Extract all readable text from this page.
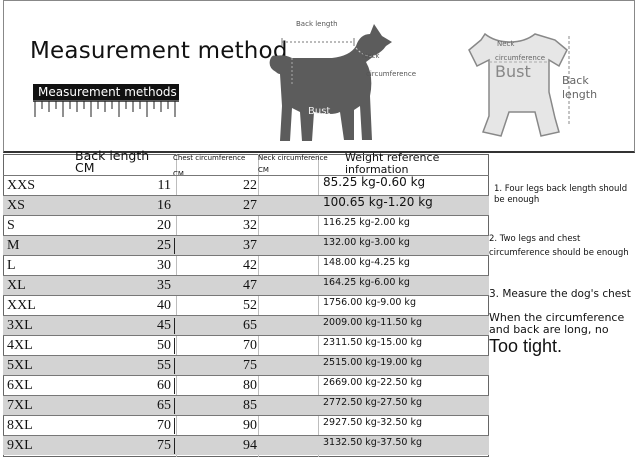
Measurement method
Measurement methods
Back length
Neck
circumference
Bust
Neck
circumference
Bust	Back
length
Back length CM
Chest circumference CM
Neck circumference CM
Weight reference information
XXS	11	22	85.25 kg-0.60 kg
XS	16	27	100.65 kg-1.20 kg
S	20	32	116.25 kg-2.00 kg
M	25	37	132.00 kg-3.00 kg
L	30	42	148.00 kg-4.25 kg
XL	35	47	164.25 kg-6.00 kg
XXL	40	52	1756.00 kg-9.00 kg
3XL	45	65	2009.00 kg-11.50 kg
4XL	50	70	2311.50 kg-15.00 kg
5XL	55	75	2515.00 kg-19.00 kg
6XL	60	80	2669.00 kg-22.50 kg
7XL	65	85	2772.50 kg-27.50 kg
8XL	70	90	2927.50 kg-32.50 kg
9XL	75	94	3132.50 kg-37.50 kg
1. Four legs back length should be enough
2. Two legs and chest circumference should be enough
3. Measure the dog's chest
When the circumference and back are long, no
Too tight.
